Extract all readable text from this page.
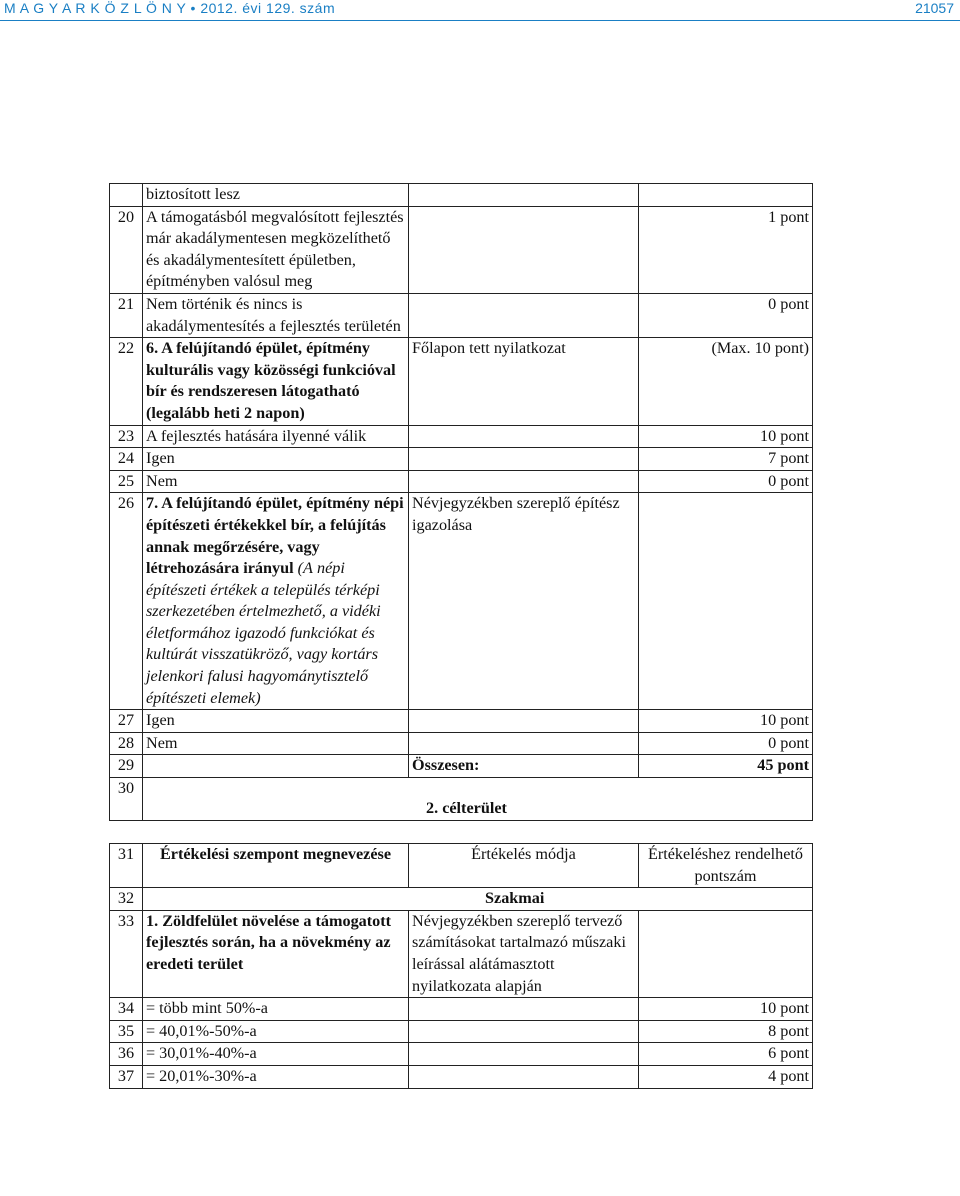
M A G Y A R K Ö Z L Ö N Y • 2012. évi 129. szám	21057
	biztosított lesz		
20	A támogatásból megvalósított fejlesztés már akadálymentesen megközelíthető és akadálymentesített épületben, építményben valósul meg		1 pont
21	Nem történik és nincs is akadálymentesítés a fejlesztés területén		0 pont
22	6. A felújítandó épület, építmény kulturális vagy közösségi funkcióval bír és rendszeresen látogatható (legalább heti 2 napon)	Főlapon tett nyilatkozat	(Max. 10 pont)
23	A fejlesztés hatására ilyenné válik		10 pont
24	Igen		7 pont
25	Nem		0 pont
26	7. A felújítandó épület, építmény népi építészeti értékekkel bír, a felújítás annak megőrzésére, vagy létrehozására irányul (A népi építészeti értékek a település térképi szerkezetében értelmezhető, a vidéki életformához igazodó funkciókat és kultúrát visszatükröző, vagy kortárs jelenkori falusi hagyománytisztelő építészeti elemek)	Névjegyzékben szereplő építész igazolása	
27	Igen		10 pont
28	Nem		0 pont
29		Összesen:	45 pont
30	2. célterület		

31	Értékelési szempont megnevezése	Értékelés módja	Értékeléshez rendelhető pontszám
32	Szakmai		
33	1. Zöldfelület növelése a támogatott fejlesztés során, ha a növekmény az eredeti terület	Névjegyzékben szereplő tervező számításokat tartalmazó műszaki leírással alátámasztott nyilatkozata alapján	
34	= több mint 50%-a		10 pont
35	= 40,01%-50%-a		8 pont
36	= 30,01%-40%-a		6 pont
37	= 20,01%-30%-a		4 pont
